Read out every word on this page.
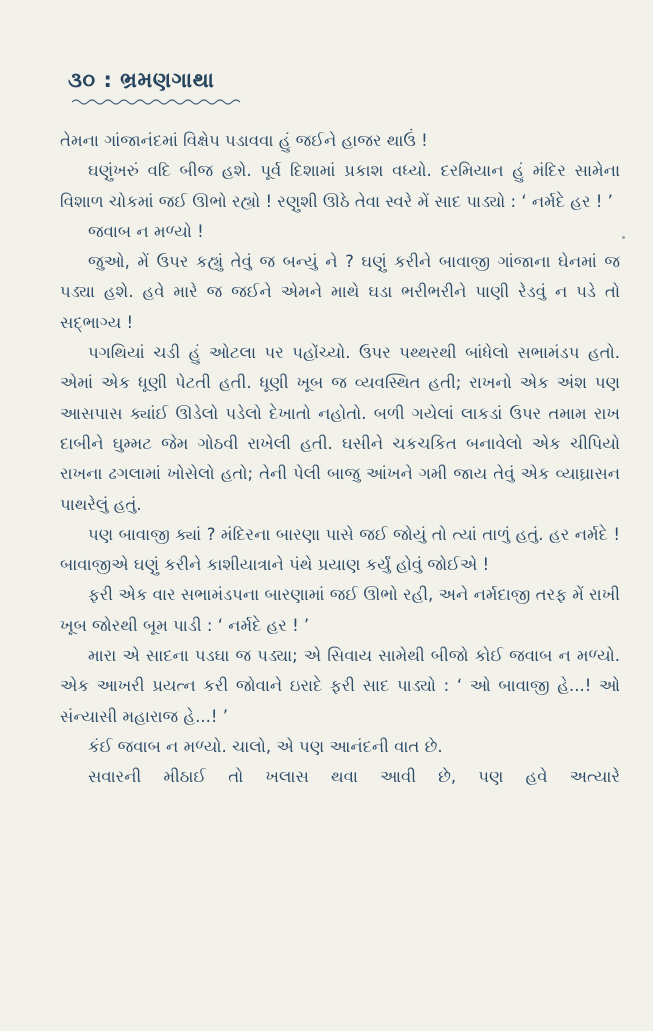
૩૦ : ભ્રમણગાથા

તેમના ગાંજાનંદમાં વિક્ષેપ પડાવવા હું જઈને હાજર થાઉં !

ઘણુંખરું વદિ બીજ હશે. પૂર્વ દિશામાં પ્રકાશ વધ્યો. દરમિયાન હું મંદિર સામેના વિશાળ ચોકમાં જઈ ઊભો રહ્યો ! રણુશી ઊઠે તેવા સ્વરે મેં સાદ પાડ્યો : ‘ નર્મદે હર ! ’

જવાબ ન મળ્યો !

જુઓ, મેં ઉપર કહ્યું તેવું જ બન્યું ને ? ઘણું કરીને બાવાજી ગાંજાના ઘેનમાં જ પડ્યા હશે. હવે મારે જ જઈને એમને માથે ઘડા ભરીભરીને પાણી રેડવું ન પડે તો સદ્ભાગ્ય !

પગથિયાં ચડી હું ઓટલા પર પહોંચ્યો. ઉપર પથ્થરથી બાંધેલો સભામંડપ હતો. એમાં એક ધૂણી પેટતી હતી. ધૂણી ખૂબ જ વ્યવસ્થિત હતી; રાખનો એક અંશ પણ આસપાસ ક્યાંઈ ઊડેલો પડેલો દેખાતો નહોતો. બળી ગયેલાં લાકડાં ઉપર તમામ રાખ દાબીને ઘુમ્મટ જેમ ગોઠવી રાખેલી હતી. ઘસીને ચકચકિત બનાવેલો એક ચીપિયો રાખના ઢગલામાં ખોસેલો હતો; તેની પેલી બાજુ આંખને ગમી જાય તેવું એક વ્યાઘ્રાસન પાથરેલું હતું.

પણ બાવાજી ક્યાં ? મંદિરના બારણા પાસે જઈ જોયું તો ત્યાં તાળું હતું. હર નર્મદે ! બાવાજીએ ઘણું કરીને કાશીયાત્રાને પંથે પ્રયાણ કર્યું હોવું જોઈએ !

ફરી એક વાર સભામંડપના બારણામાં જઈ ઊભો રહી, અને નર્મદાજી તરફ મેં રાખી ખૂબ જોરથી બૂમ પાડી : ‘ નર્મદે હર ! ’

મારા એ સાદના પડઘા જ પડ્યા; એ સિવાય સામેથી બીજો કોઈ જવાબ ન મળ્યો. એક આખરી પ્રયત્ન કરી જોવાને ઇરાદે ફરી સાદ પાડ્યો : ‘ ઓ બાવાજી હે...! ઓ સંન્યાસી મહારાજ હે...! ’

કંઈ જવાબ ન મળ્યો. ચાલો, એ પણ આનંદની વાત છે.

સવારની મીઠાઈ તો ખલાસ થવા આવી છે, પણ હવે અત્યારે
